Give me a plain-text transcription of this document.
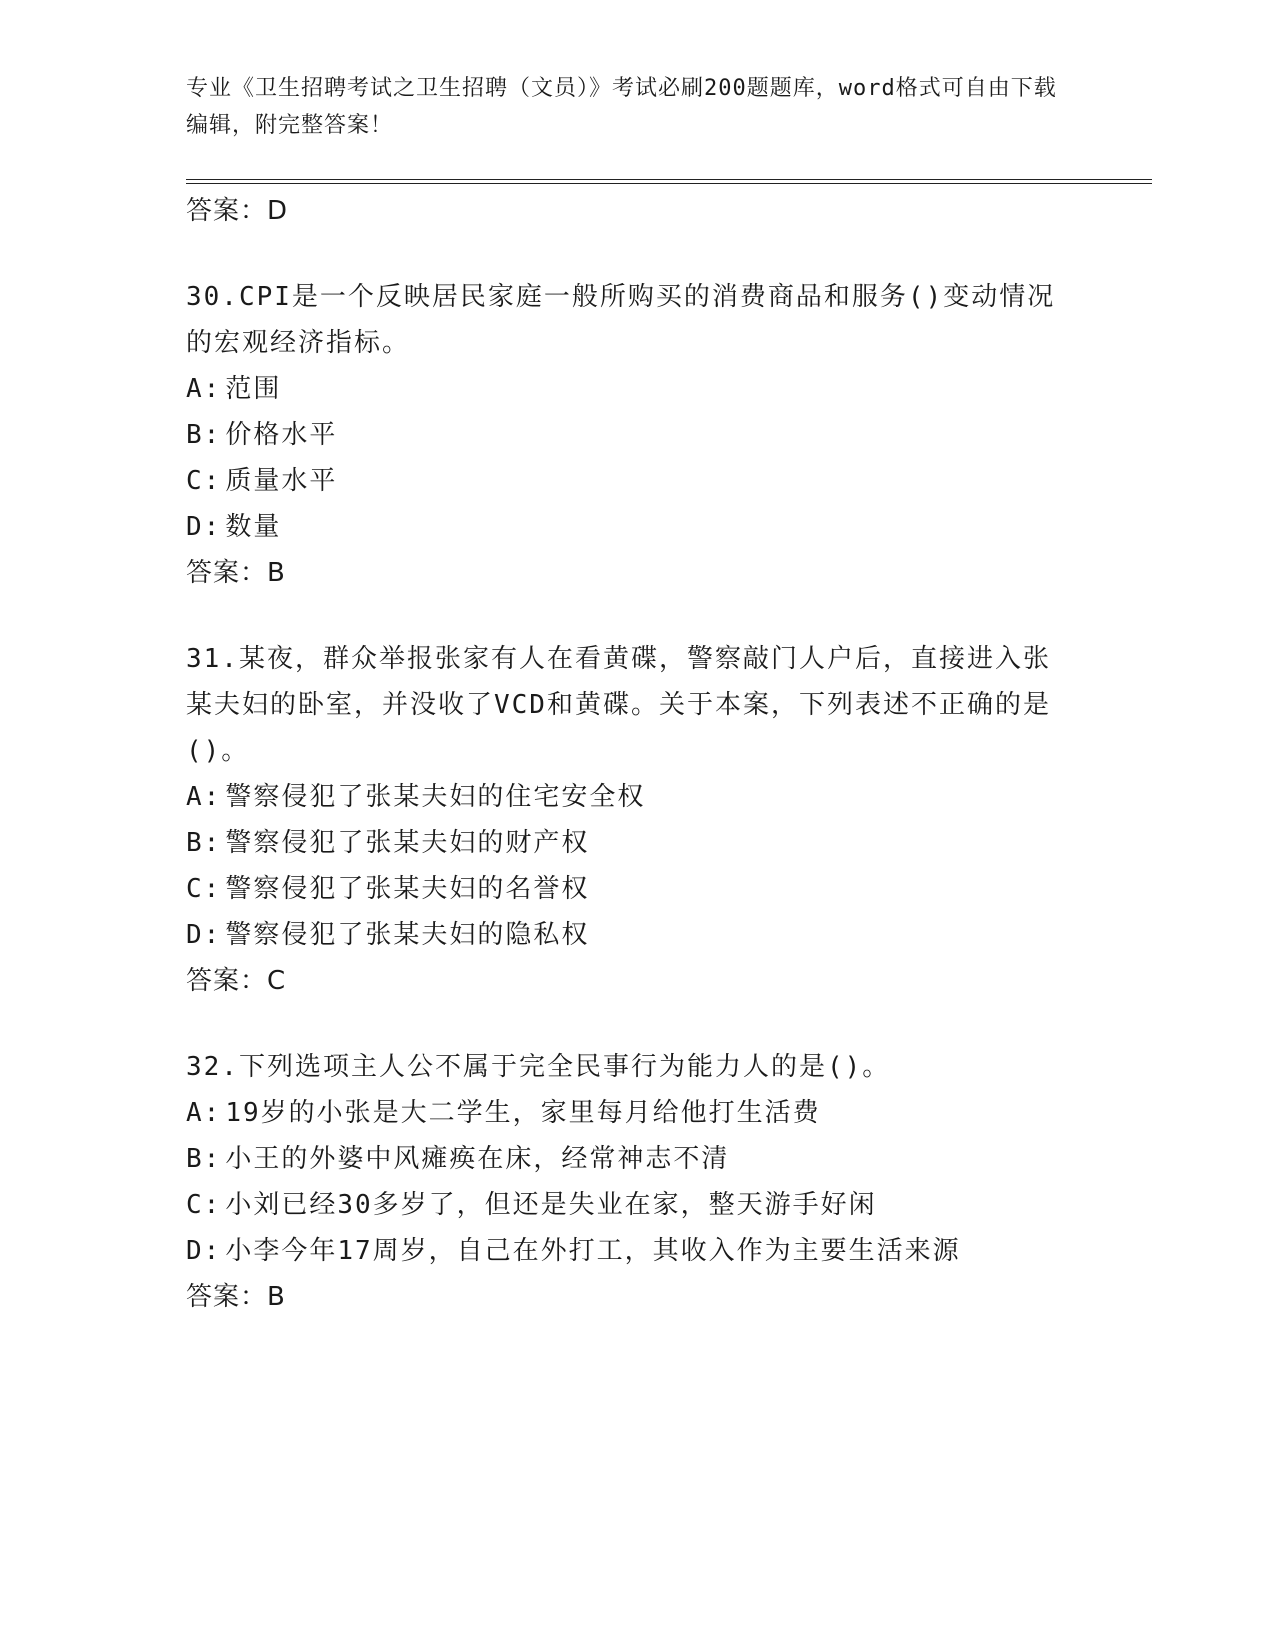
专业《卫生招聘考试之卫生招聘（文员）》考试必刷200题题库，word格式可自由下载编辑，附完整答案！
答案：D
30.CPI是一个反映居民家庭一般所购买的消费商品和服务()变动情况的宏观经济指标。
A: 范围
B: 价格水平
C: 质量水平
D: 数量
答案：B
31.某夜，群众举报张家有人在看黄碟，警察敲门人户后，直接进入张某夫妇的卧室，并没收了VCD和黄碟。关于本案，下列表述不正确的是()。
A: 警察侵犯了张某夫妇的住宅安全权
B: 警察侵犯了张某夫妇的财产权
C: 警察侵犯了张某夫妇的名誉权
D: 警察侵犯了张某夫妇的隐私权
答案：C
32.下列选项主人公不属于完全民事行为能力人的是()。
A: 19岁的小张是大二学生，家里每月给他打生活费
B: 小王的外婆中风瘫痪在床，经常神志不清
C: 小刘已经30多岁了，但还是失业在家，整天游手好闲
D: 小李今年17周岁，自己在外打工，其收入作为主要生活来源
答案：B
